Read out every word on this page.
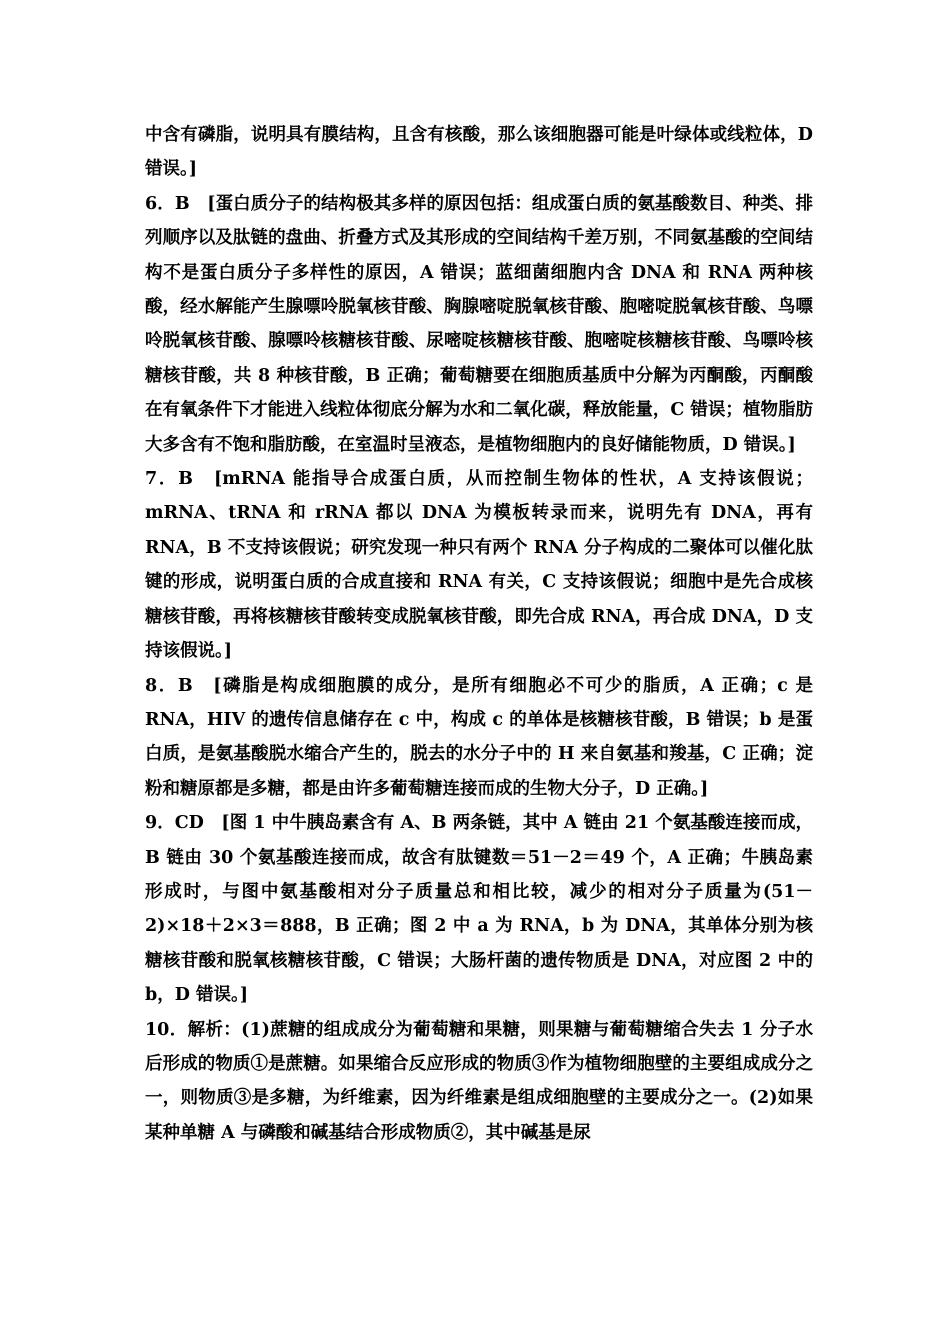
中含有磷脂，说明具有膜结构，且含有核酸，那么该细胞器可能是叶绿体或线粒体，D 错误。]

6．B　[蛋白质分子的结构极其多样的原因包括：组成蛋白质的氨基酸数目、种类、排列顺序以及肽链的盘曲、折叠方式及其形成的空间结构千差万别，不同氨基酸的空间结构不是蛋白质分子多样性的原因，A 错误；蓝细菌细胞内含 DNA 和 RNA 两种核酸，经水解能产生腺嘌呤脱氧核苷酸、胸腺嘧啶脱氧核苷酸、胞嘧啶脱氧核苷酸、鸟嘌呤脱氧核苷酸、腺嘌呤核糖核苷酸、尿嘧啶核糖核苷酸、胞嘧啶核糖核苷酸、鸟嘌呤核糖核苷酸，共 8 种核苷酸，B 正确；葡萄糖要在细胞质基质中分解为丙酮酸，丙酮酸在有氧条件下才能进入线粒体彻底分解为水和二氧化碳，释放能量，C 错误；植物脂肪大多含有不饱和脂肪酸，在室温时呈液态，是植物细胞内的良好储能物质，D 错误。]

7．B　[mRNA 能指导合成蛋白质，从而控制生物体的性状，A 支持该假说；mRNA、tRNA 和 rRNA 都以 DNA 为模板转录而来，说明先有 DNA，再有 RNA，B 不支持该假说；研究发现一种只有两个 RNA 分子构成的二聚体可以催化肽键的形成，说明蛋白质的合成直接和 RNA 有关，C 支持该假说；细胞中是先合成核糖核苷酸，再将核糖核苷酸转变成脱氧核苷酸，即先合成 RNA，再合成 DNA，D 支持该假说。]

8．B　[磷脂是构成细胞膜的成分，是所有细胞必不可少的脂质，A 正确；c 是 RNA，HIV 的遗传信息储存在 c 中，构成 c 的单体是核糖核苷酸，B 错误；b 是蛋白质，是氨基酸脱水缩合产生的，脱去的水分子中的 H 来自氨基和羧基，C 正确；淀粉和糖原都是多糖，都是由许多葡萄糖连接而成的生物大分子，D 正确。]

9．CD　[图 1 中牛胰岛素含有 A、B 两条链，其中 A 链由 21 个氨基酸连接而成，B 链由 30 个氨基酸连接而成，故含有肽键数＝51－2＝49 个，A 正确；牛胰岛素形成时，与图中氨基酸相对分子质量总和相比较，减少的相对分子质量为(51－2)×18＋2×3＝888，B 正确；图 2 中 a 为 RNA，b 为 DNA，其单体分别为核糖核苷酸和脱氧核糖核苷酸，C 错误；大肠杆菌的遗传物质是 DNA，对应图 2 中的 b，D 错误。]

10．解析：(1)蔗糖的组成成分为葡萄糖和果糖，则果糖与葡萄糖缩合失去 1 分子水后形成的物质①是蔗糖。如果缩合反应形成的物质③作为植物细胞壁的主要组成成分之一，则物质③是多糖，为纤维素，因为纤维素是组成细胞壁的主要成分之一。(2)如果某种单糖 A 与磷酸和碱基结合形成物质②，其中碱基是尿
